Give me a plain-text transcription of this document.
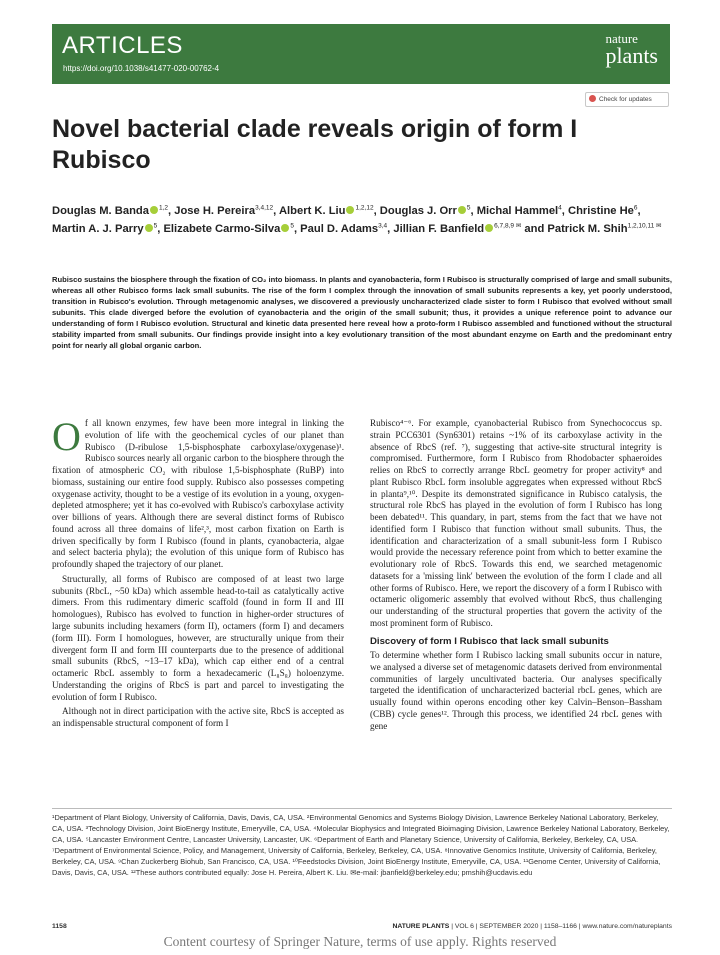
ARTICLES
https://doi.org/10.1038/s41477-020-00762-4
nature
plants
Check for updates
Novel bacterial clade reveals origin of form I Rubisco
Douglas M. Banda $^{1,2}$, Jose H. Pereira$^{3,4,12}$, Albert K. Liu $^{1,2,12}$, Douglas J. Orr $^5$, Michal Hammel$^4$, Christine He$^6$, Martin A. J. Parry $^5$, Elizabete Carmo-Silva $^5$, Paul D. Adams$^{3,4}$, Jillian F. Banfield $^{6,7,8,9 ✉}$ and Patrick M. Shih$^{1,2,10,11 ✉}$
Rubisco sustains the biosphere through the fixation of CO₂ into biomass. In plants and cyanobacteria, form I Rubisco is structurally comprised of large and small subunits, whereas all other Rubisco forms lack small subunits. The rise of the form I complex through the innovation of small subunits represents a key, yet poorly understood, transition in Rubisco's evolution. Through metagenomic analyses, we discovered a previously uncharacterized clade sister to form I Rubisco that evolved without small subunits. This clade diverged before the evolution of cyanobacteria and the origin of the small subunit; thus, it provides a unique reference point to advance our understanding of form I Rubisco evolution. Structural and kinetic data presented here reveal how a proto-form I Rubisco assembled and functioned without the structural stability imparted from small subunits. Our findings provide insight into a key evolutionary transition of the most abundant enzyme on Earth and the predominant entry point for nearly all global organic carbon.

Of all known enzymes, few have been more integral in linking the evolution of life with the geochemical cycles of our planet than Rubisco (D-ribulose 1,5-bisphosphate carboxylase/oxygenase)¹. Rubisco sources nearly all organic carbon to the biosphere through the fixation of atmospheric CO₂ with ribulose 1,5-bisphosphate (RuBP) into biomass, sustaining our entire food supply. Rubisco also possesses competing oxygenase activity, thought to be a vestige of its evolution in a young, oxygen-depleted atmosphere; yet it has co-evolved with Rubisco's carboxylase activity over billions of years. Although there are several distinct forms of Rubisco found across all three domains of life²,³, most carbon fixation on Earth is driven specifically by form I Rubisco (found in plants, cyanobacteria, algae and select bacteria phyla); the evolution of this unique form of Rubisco has profoundly shaped the trajectory of our planet.

Structurally, all forms of Rubisco are composed of at least two large subunits (RbcL, ~50 kDa) which assemble head-to-tail as catalytically active dimers. From this rudimentary dimeric scaffold (found in form II and III homologues), Rubisco has evolved to function in higher-order structures of large subunits including hexamers (form II), octamers (form I) and decamers (form III). Form I homologues, however, are structurally unique from their divergent form II and form III counterparts due to the presence of additional small subunits (RbcS, ~13–17 kDa), which cap either end of a central octameric RbcL assembly to form a hexadecameric (L₈S₈) holoenzyme. Understanding the origins of RbcS is part and parcel to investigating the evolution of form I Rubisco.

Although not in direct participation with the active site, RbcS is accepted as an indispensable structural component of form I

Rubisco⁴⁻⁶. For example, cyanobacterial Rubisco from Synechococcus sp. strain PCC6301 (Syn6301) retains ~1% of its carboxylase activity in the absence of RbcS (ref. ⁷), suggesting that active-site structural integrity is compromised. Furthermore, form I Rubisco from Rhodobacter sphaeroides relies on RbcS to correctly arrange RbcL geometry for proper activity⁸ and plant Rubisco RbcL form insoluble aggregates when expressed without RbcS in planta⁹,¹⁰. Despite its demonstrated significance in Rubisco catalysis, the structural role RbcS has played in the evolution of form I Rubisco has long been debated¹¹. This quandary, in part, stems from the fact that we have not identified form I Rubisco that function without small subunits. Thus, the identification and characterization of a small subunit-less form I Rubisco would provide the necessary reference point from which to better examine the evolutionary role of RbcS. Towards this end, we searched metagenomic datasets for a 'missing link' between the evolution of the form I clade and all other forms of Rubisco. Here, we report the discovery of a form I Rubisco with octameric oligomeric assembly that evolved without RbcS, thus challenging our understanding of the structural properties that govern the activity of the most prominent form of Rubisco.

Discovery of form I Rubisco that lack small subunits

To determine whether form I Rubisco lacking small subunits occur in nature, we analysed a diverse set of metagenomic datasets derived from environmental communities of largely uncultivated bacteria. Our analyses specifically targeted the identification of uncharacterized bacterial rbcL genes, which are usually found within operons encoding other key Calvin–Benson–Bassham (CBB) cycle genes¹². Through this process, we identified 24 rbcL genes with gene

¹Department of Plant Biology, University of California, Davis, Davis, CA, USA. ²Environmental Genomics and Systems Biology Division, Lawrence Berkeley National Laboratory, Berkeley, CA, USA. ³Technology Division, Joint BioEnergy Institute, Emeryville, CA, USA. ⁴Molecular Biophysics and Integrated Bioimaging Division, Lawrence Berkeley National Laboratory, Berkeley, CA, USA. ⁵Lancaster Environment Centre, Lancaster University, Lancaster, UK. ⁶Department of Earth and Planetary Science, University of California, Berkeley, Berkeley, CA, USA. ⁷Department of Environmental Science, Policy, and Management, University of California, Berkeley, Berkeley, CA, USA. ⁸Innovative Genomics Institute, University of California, Berkeley, Berkeley, CA, USA. ⁹Chan Zuckerberg Biohub, San Francisco, CA, USA. ¹⁰Feedstocks Division, Joint BioEnergy Institute, Emeryville, CA, USA. ¹¹Genome Center, University of California, Davis, Davis, CA, USA. ¹²These authors contributed equally: Jose H. Pereira, Albert K. Liu. ✉e-mail: jbanfield@berkeley.edu; pmshih@ucdavis.edu
1158	NATURE PLANTS | VOL 6 | SEPTEMBER 2020 | 1158–1166 | www.nature.com/natureplants
Content courtesy of Springer Nature, terms of use apply. Rights reserved
